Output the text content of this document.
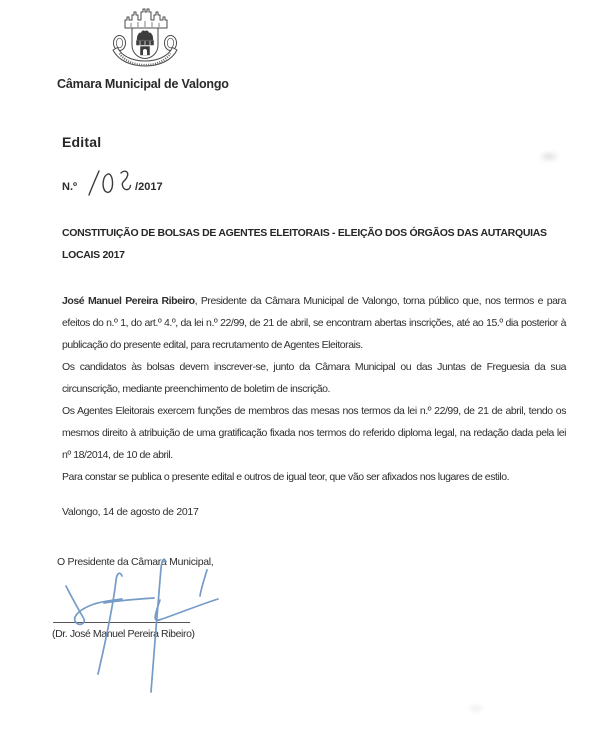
Câmara Municipal de Valongo
Edital
N.º	/2017
CONSTITUIÇÃO DE BOLSAS DE AGENTES ELEITORAIS - ELEIÇÃO DOS ÓRGÃOS DAS AUTARQUIAS
LOCAIS 2017

José Manuel Pereira Ribeiro, Presidente da Câmara Municipal de Valongo, torna público que, nos termos e para efeitos do n.º 1, do art.º 4.º, da lei n.º 22/99, de 21 de abril, se encontram abertas inscrições, até ao 15.º dia posterior à publicação do presente edital, para recrutamento de Agentes Eleitorais.

Os candidatos às bolsas devem inscrever-se, junto da Câmara Municipal ou das Juntas de Freguesia da sua circunscrição, mediante preenchimento de boletim de inscrição.

Os Agentes Eleitorais exercem funções de membros das mesas nos termos da lei n.º 22/99, de 21 de abril, tendo os mesmos direito à atribuição de uma gratificação fixada nos termos do referido diploma legal, na redação dada pela lei nº 18/2014, de 10 de abril.

Para constar se publica o presente edital e outros de igual teor, que vão ser afixados nos lugares de estilo.

Valongo, 14 de agosto de 2017
O Presidente da Câmara Municipal,
(Dr. José Manuel Pereira Ribeiro)
